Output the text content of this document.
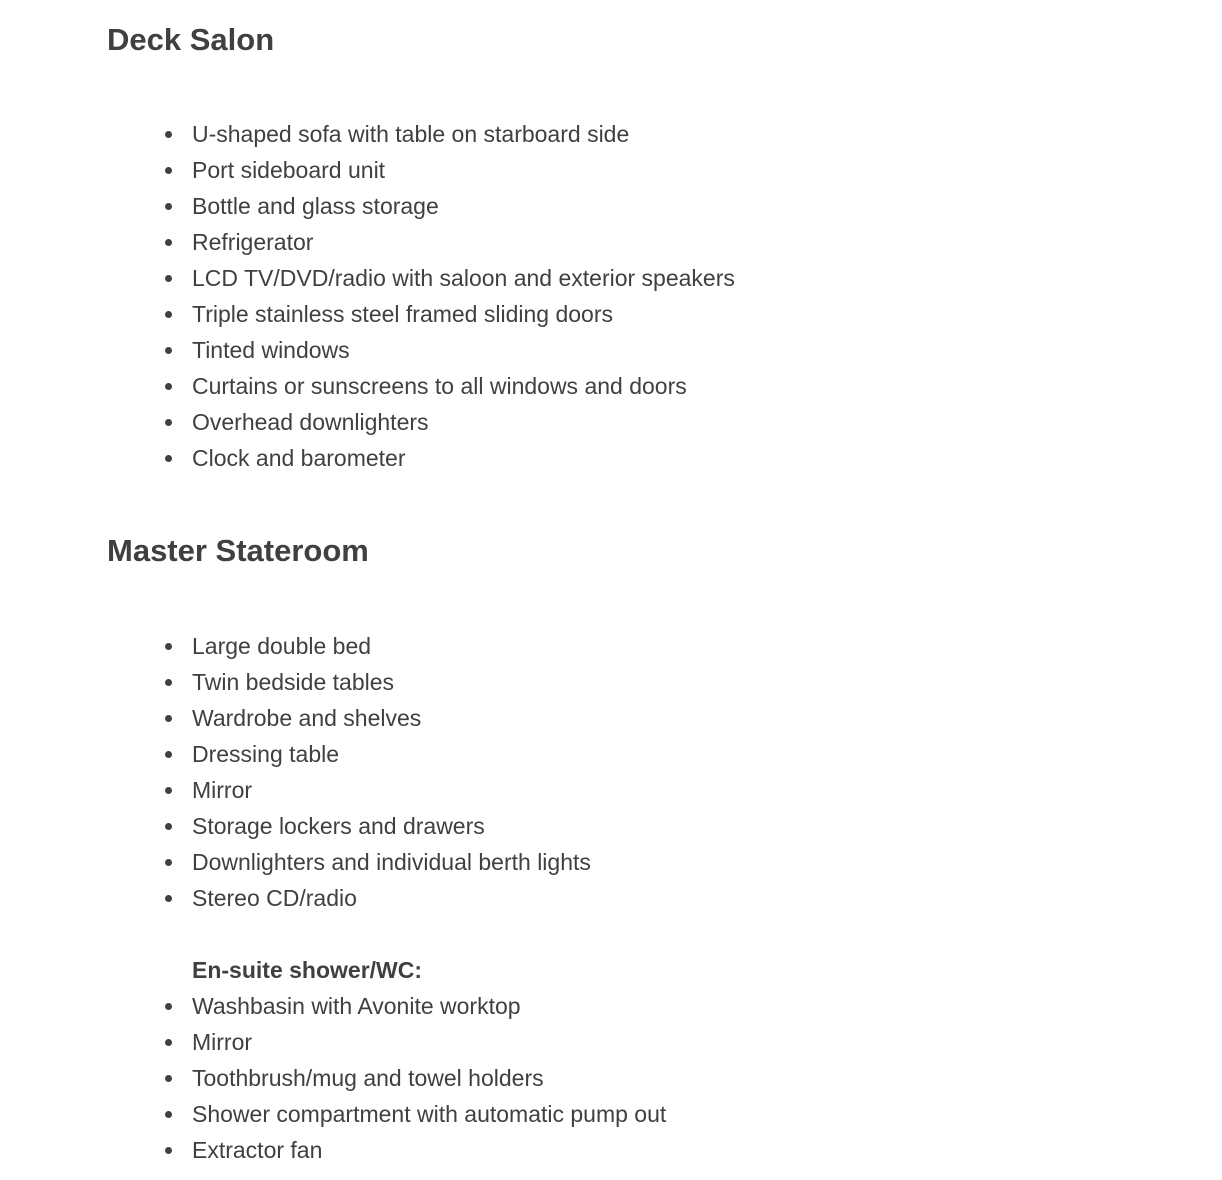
Deck Salon
U-shaped sofa with table on starboard side
Port sideboard unit
Bottle and glass storage
Refrigerator
LCD TV/DVD/radio with saloon and exterior speakers
Triple stainless steel framed sliding doors
Tinted windows
Curtains or sunscreens to all windows and doors
Overhead downlighters
Clock and barometer
Master Stateroom
Large double bed
Twin bedside tables
Wardrobe and shelves
Dressing table
Mirror
Storage lockers and drawers
Downlighters and individual berth lights
Stereo CD/radio

En-suite shower/WC:

Washbasin with Avonite worktop
Mirror
Toothbrush/mug and towel holders
Shower compartment with automatic pump out
Extractor fan
